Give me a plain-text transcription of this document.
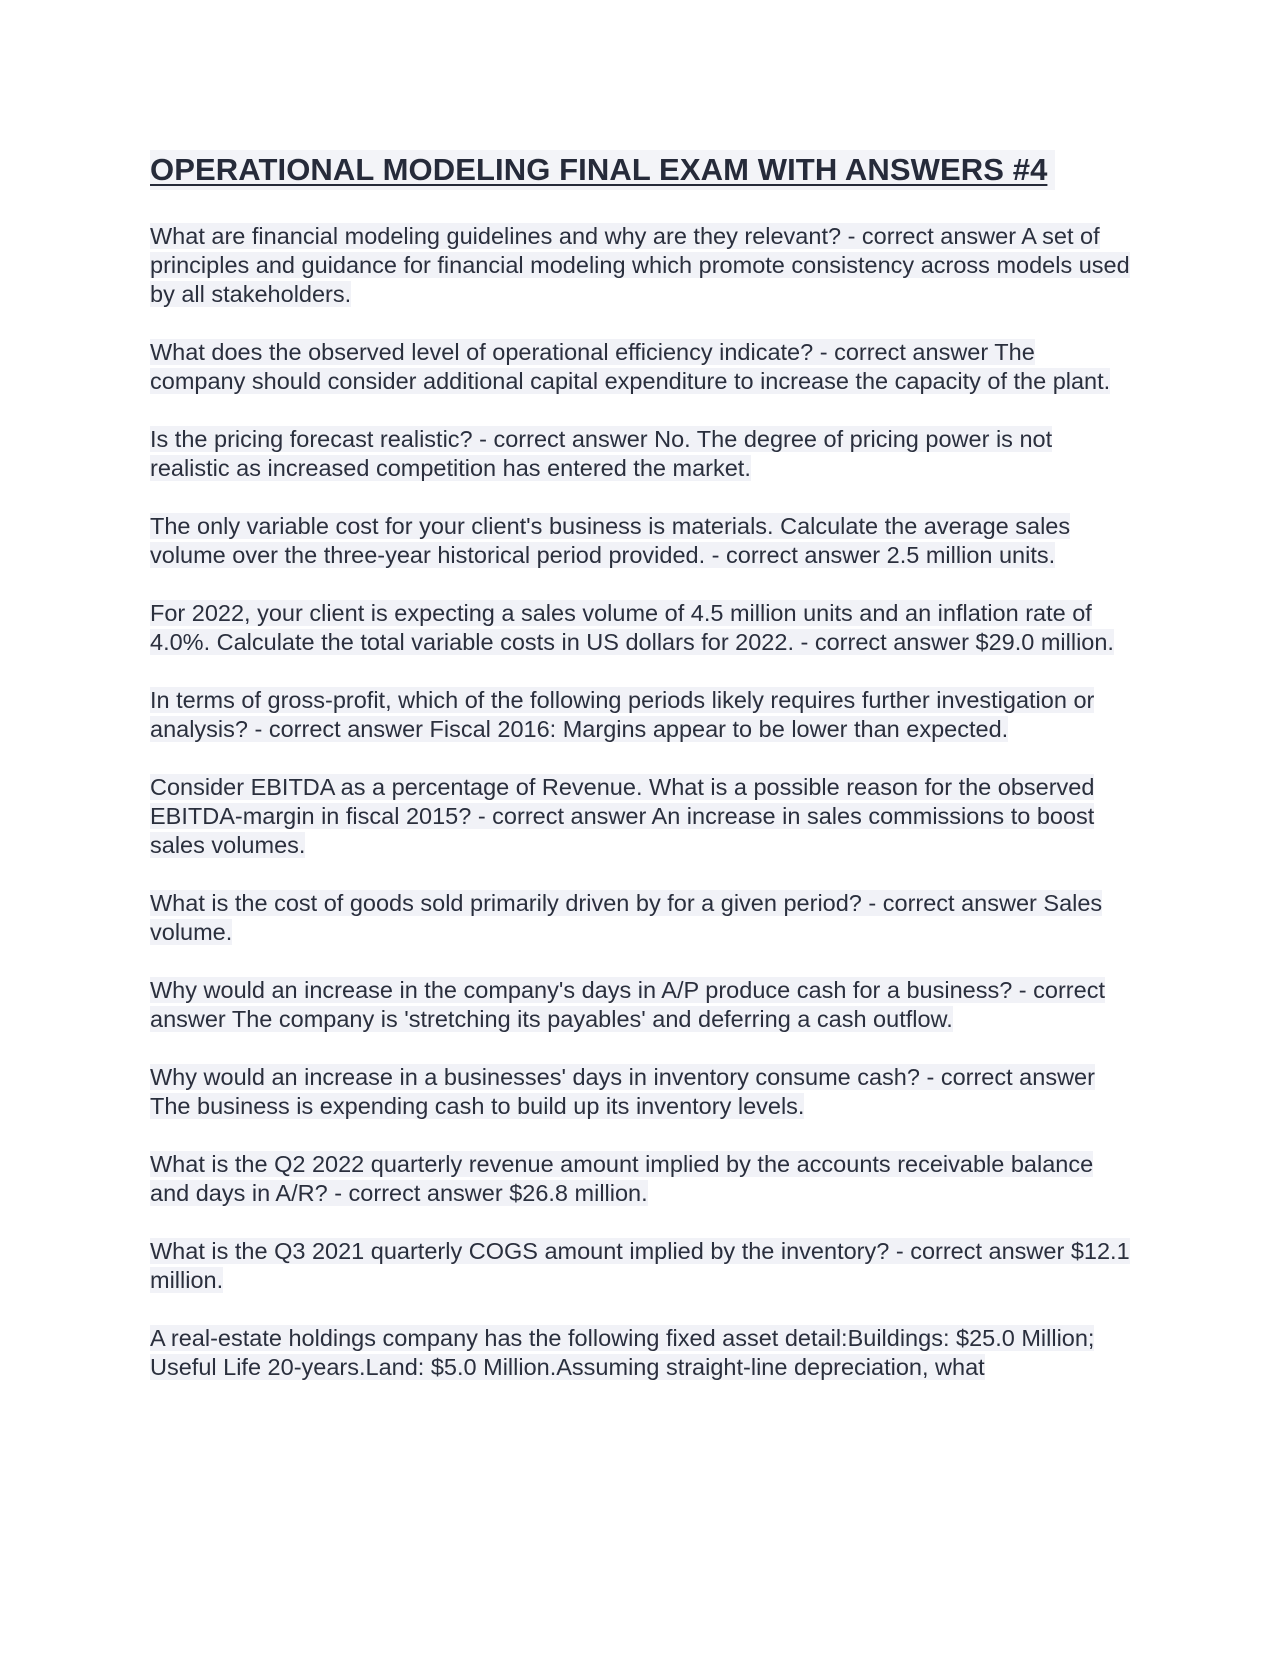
OPERATIONAL MODELING FINAL EXAM WITH ANSWERS #4

What are financial modeling guidelines and why are they relevant? - correct answer A set of principles and guidance for financial modeling which promote consistency across models used by all stakeholders.

What does the observed level of operational efficiency indicate? - correct answer The company should consider additional capital expenditure to increase the capacity of the plant.

Is the pricing forecast realistic? - correct answer No. The degree of pricing power is not realistic as increased competition has entered the market.

The only variable cost for your client's business is materials. Calculate the average sales volume over the three-year historical period provided. - correct answer 2.5 million units.

For 2022, your client is expecting a sales volume of 4.5 million units and an inflation rate of 4.0%. Calculate the total variable costs in US dollars for 2022. - correct answer $29.0 million.

In terms of gross-profit, which of the following periods likely requires further investigation or analysis? - correct answer Fiscal 2016: Margins appear to be lower than expected.

Consider EBITDA as a percentage of Revenue. What is a possible reason for the observed EBITDA-margin in fiscal 2015? - correct answer An increase in sales commissions to boost sales volumes.

What is the cost of goods sold primarily driven by for a given period? - correct answer Sales volume.

Why would an increase in the company's days in A/P produce cash for a business? - correct answer The company is 'stretching its payables' and deferring a cash outflow.

Why would an increase in a businesses' days in inventory consume cash? - correct answer The business is expending cash to build up its inventory levels.

What is the Q2 2022 quarterly revenue amount implied by the accounts receivable balance and days in A/R? - correct answer $26.8 million.

What is the Q3 2021 quarterly COGS amount implied by the inventory? - correct answer $12.1 million.

A real-estate holdings company has the following fixed asset detail:Buildings: $25.0 Million; Useful Life 20-years.Land: $5.0 Million.Assuming straight-line depreciation, what
